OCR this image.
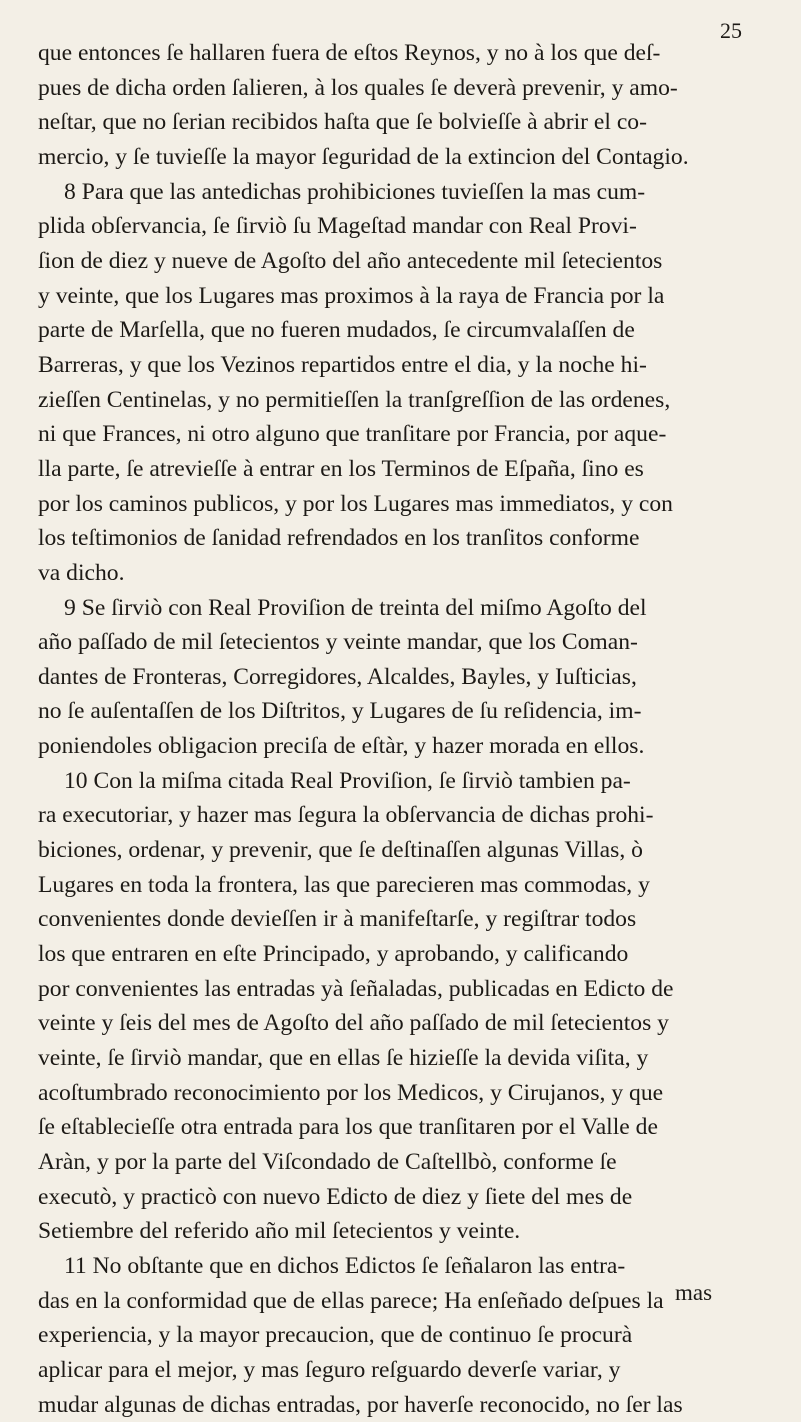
25
que entonces ſe hallaren fuera de eſtos Reynos, y no à los que deſ-
pues de dicha orden ſalieren, à los quales ſe deverà prevenir, y amo-
neſtar, que no ſerian recibidos haſta que ſe bolvieſſe à abrir el co-
mercio, y ſe tuvieſſe la mayor ſeguridad de la extincion del Contagio.
8 Para que las antedichas prohibiciones tuvieſſen la mas cum-
plida obſervancia, ſe ſirviò ſu Mageſtad mandar con Real Provi-
ſion de diez y nueve de Agoſto del año antecedente mil ſetecientos
y veinte, que los Lugares mas proximos à la raya de Francia por la
parte de Marſella, que no fueren mudados, ſe circumvalaſſen de
Barreras, y que los Vezinos repartidos entre el dia, y la noche hi-
zieſſen Centinelas, y no permitieſſen la tranſgreſſion de las ordenes,
ni que Frances, ni otro alguno que tranſitare por Francia, por aque-
lla parte, ſe atrevieſſe à entrar en los Terminos de Eſpaña, ſino es
por los caminos publicos, y por los Lugares mas immediatos, y con
los teſtimonios de ſanidad refrendados en los tranſitos conforme
va dicho.
9 Se ſirviò con Real Proviſion de treinta del miſmo Agoſto del
año paſſado de mil ſetecientos y veinte mandar, que los Coman-
dantes de Fronteras, Corregidores, Alcaldes, Bayles, y Iuſticias,
no ſe auſentaſſen de los Diſtritos, y Lugares de ſu reſidencia, im-
poniendoles obligacion preciſa de eſtàr, y hazer morada en ellos.
10 Con la miſma citada Real Proviſion, ſe ſirviò tambien pa-
ra executoriar, y hazer mas ſegura la obſervancia de dichas prohi-
biciones, ordenar, y prevenir, que ſe deſtinaſſen algunas Villas, ò
Lugares en toda la frontera, las que parecieren mas commodas, y
convenientes donde devieſſen ir à manifeſtarſe, y regiſtrar todos
los que entraren en eſte Principado, y aprobando, y calificando
por convenientes las entradas yà ſeñaladas, publicadas en Edicto de
veinte y ſeis del mes de Agoſto del año paſſado de mil ſetecientos y
veinte, ſe ſirviò mandar, que en ellas ſe hizieſſe la devida viſita, y
acoſtumbrado reconocimiento por los Medicos, y Cirujanos, y que
ſe eſtablecieſſe otra entrada para los que tranſitaren por el Valle de
Aràn, y por la parte del Viſcondado de Caſtellbò, conforme ſe
executò, y practicò con nuevo Edicto de diez y ſiete del mes de
Setiembre del referido año mil ſetecientos y veinte.
11 No obſtante que en dichos Edictos ſe ſeñalaron las entra-
das en la conformidad que de ellas parece; Ha enſeñado deſpues la
experiencia, y la mayor precaucion, que de continuo ſe procurà
aplicar para el mejor, y mas ſeguro reſguardo deverſe variar, y
mudar algunas de dichas entradas, por haverſe reconocido, no ſer las
mas
